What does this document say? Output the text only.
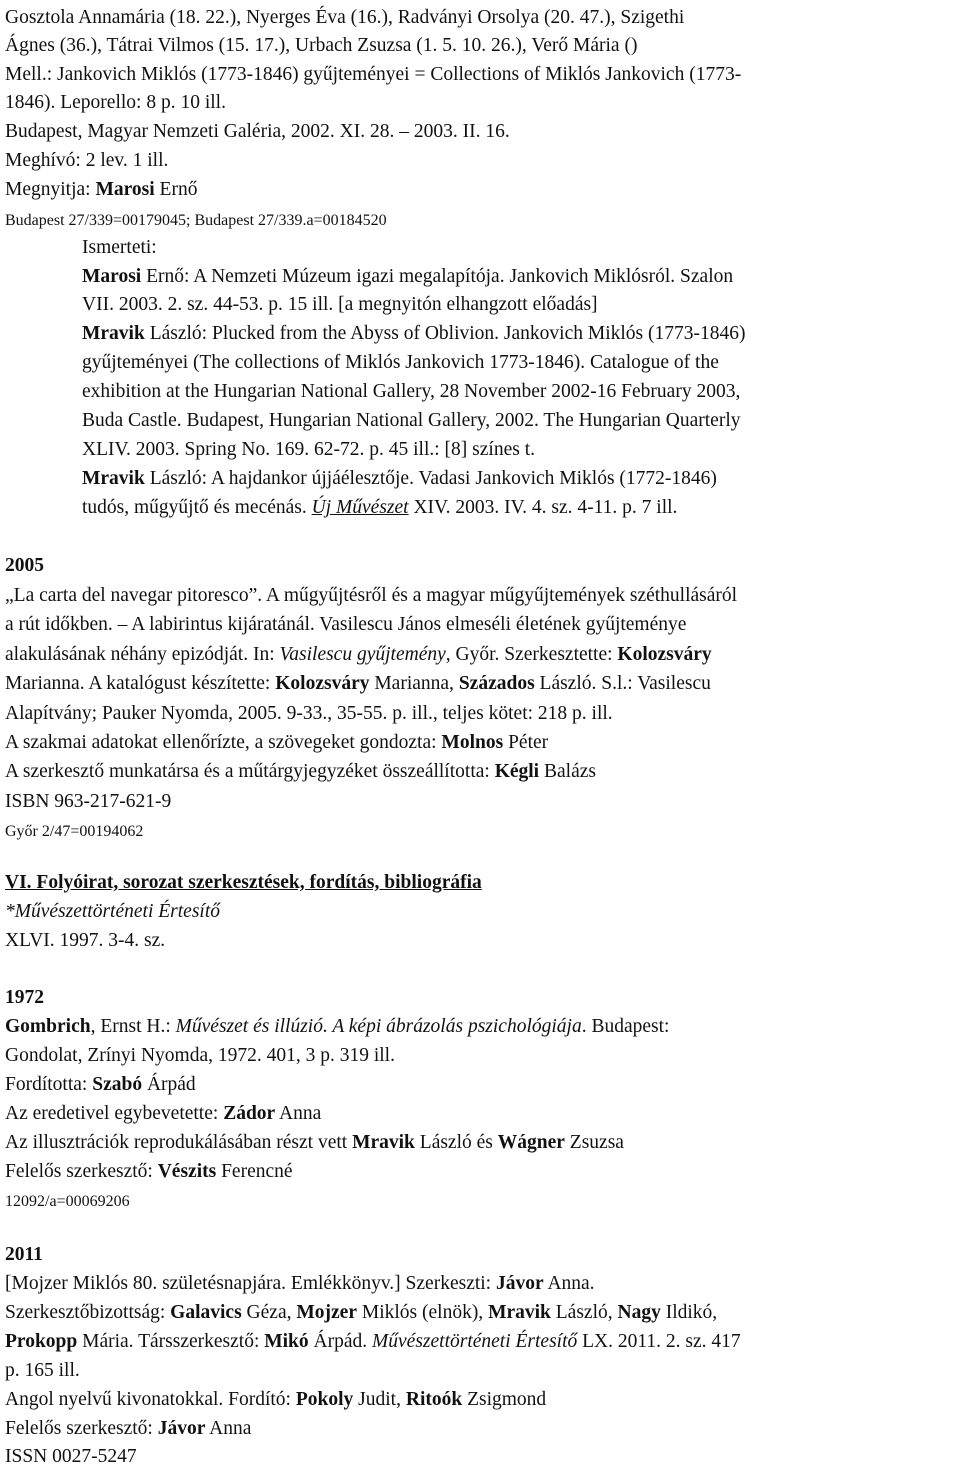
Gosztola Annamária (18. 22.), Nyerges Éva (16.), Radványi Orsolya (20. 47.), Szigethi
Ágnes (36.), Tátrai Vilmos (15. 17.), Urbach Zsuzsa (1. 5. 10. 26.), Verő Mária ()
Mell.: Jankovich Miklós (1773-1846) gyűjteményei = Collections of Miklós Jankovich (1773-
1846). Leporello: 8 p. 10 ill.
Budapest, Magyar Nemzeti Galéria, 2002. XI. 28. – 2003. II. 16.
Meghívó: 2 lev. 1 ill.
Megnyitja: Marosi Ernő
Budapest 27/339=00179045; Budapest 27/339.a=00184520
Ismerteti:
Marosi Ernő: A Nemzeti Múzeum igazi megalapítója. Jankovich Miklósról. Szalon
VII. 2003. 2. sz. 44-53. p. 15 ill. [a megnyitón elhangzott előadás]
Mravik László: Plucked from the Abyss of Oblivion. Jankovich Miklós (1773-1846)
gyűjteményei (The collections of Miklós Jankovich 1773-1846). Catalogue of the
exhibition at the Hungarian National Gallery, 28 November 2002-16 February 2003,
Buda Castle. Budapest, Hungarian National Gallery, 2002. The Hungarian Quarterly
XLIV. 2003. Spring No. 169. 62-72. p. 45 ill.: [8] színes t.
Mravik László: A hajdankor újjáélesztője. Vadasi Jankovich Miklós (1772-1846)
tudós, műgyűjtő és mecénás. Új Művészet XIV. 2003. IV. 4. sz. 4-11. p. 7 ill.
2005
„La carta del navegar pitoresco”. A műgyűjtésről és a magyar műgyűjtemények széthullásáról
a rút időkben. – A labirintus kijáratánál. Vasilescu János elmeséli életének gyűjteménye
alakulásának néhány epizódját. In: Vasilescu gyűjtemény, Győr. Szerkesztette: Kolozsváry
Marianna. A katalógust készítette: Kolozsváry Marianna, Százados László. S.l.: Vasilescu
Alapítvány; Pauker Nyomda, 2005. 9-33., 35-55. p. ill., teljes kötet: 218 p. ill.
A szakmai adatokat ellenőrízte, a szövegeket gondozta: Molnos Péter
A szerkesztő munkatársa és a műtárgyjegyzéket összeállította: Kégli Balázs
ISBN 963-217-621-9
Győr 2/47=00194062
VI. Folyóirat, sorozat szerkesztések, fordítás, bibliográfia
*Művészettörténeti Értesítő
XLVI. 1997. 3-4. sz.
1972
Gombrich, Ernst H.: Művészet és illúzió. A képi ábrázolás pszichológiája. Budapest:
Gondolat, Zrínyi Nyomda, 1972. 401, 3 p. 319 ill.
Fordította: Szabó Árpád
Az eredetivel egybevetette: Zádor Anna
Az illusztrációk reprodukálásában részt vett Mravik László és Wágner Zsuzsa
Felelős szerkesztő: Vészits Ferencné
12092/a=00069206
2011
[Mojzer Miklós 80. születésnapjára. Emlékkönyv.] Szerkeszti: Jávor Anna.
Szerkesztőbizottság: Galavics Géza, Mojzer Miklós (elnök), Mravik László, Nagy Ildikó,
Prokopp Mária. Társszerkesztő: Mikó Árpád. Művészettörténeti Értesítő LX. 2011. 2. sz. 417
p. 165 ill.
Angol nyelvű kivonatokkal. Fordító: Pokoly Judit, Ritoók Zsigmond
Felelős szerkesztő: Jávor Anna
ISSN 0027-5247
